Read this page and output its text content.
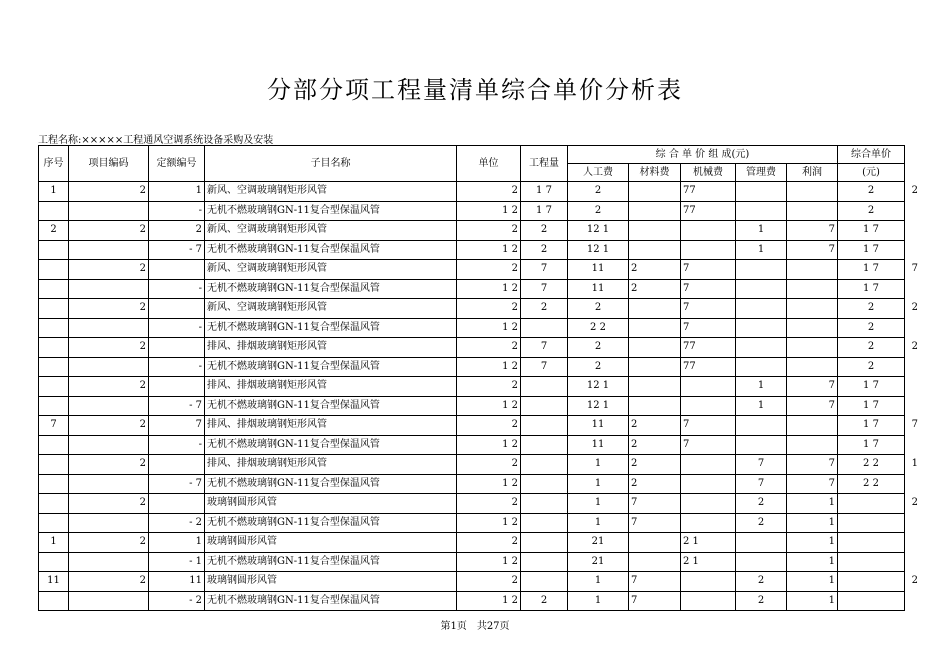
分部分项工程量清单综合单价分析表
工程名称:×××××工程通风空调系统设备采购及安装
序号	项目编码	定额编号	子目名称	单位	工程量	综 合 单 价 组 成(元)					综合单价	
						人工费	材料费	机械费	管理费	利润	(元)	
1	2	1	新风、空调玻璃钢矩形风管	2	1 7	2		77			2	2
		-	无机不燃玻璃钢GN-11复合型保温风管	1 2	1 7	2		77			2	
2	2	2	新风、空调玻璃钢矩形风管	2	2	12 1			1	7	1 7	
		- 7	无机不燃玻璃钢GN-11复合型保温风管	1 2	2	12 1			1	7	1 7	
	2		新风、空调玻璃钢矩形风管	2	7	11	2	7			1 7	7
		-	无机不燃玻璃钢GN-11复合型保温风管	1 2	7	11	2	7			1 7	
	2		新风、空调玻璃钢矩形风管	2	2	2		7			2	2
		-	无机不燃玻璃钢GN-11复合型保温风管	1 2		2 2		7			2	
	2		排风、排烟玻璃钢矩形风管	2	7	2		77			2	2
		-	无机不燃玻璃钢GN-11复合型保温风管	1 2	7	2		77			2	
	2		排风、排烟玻璃钢矩形风管	2		12 1			1	7	1 7	
		- 7	无机不燃玻璃钢GN-11复合型保温风管	1 2		12 1			1	7	1 7	
7	2	7	排风、排烟玻璃钢矩形风管	2		11	2	7			1 7	7
		-	无机不燃玻璃钢GN-11复合型保温风管	1 2		11	2	7			1 7	
	2		排风、排烟玻璃钢矩形风管	2		1	2		7	7	2 2	1
		- 7	无机不燃玻璃钢GN-11复合型保温风管	1 2		1	2		7	7	2 2	
	2		玻璃钢圆形风管	2		1	7		2	1		2
		- 2	无机不燃玻璃钢GN-11复合型保温风管	1 2		1	7		2	1		
1	2	1	玻璃钢圆形风管	2		21		2 1		1		
		- 1	无机不燃玻璃钢GN-11复合型保温风管	1 2		21		2 1		1		
11	2	11	玻璃钢圆形风管	2		1	7		2	1		2
		- 2	无机不燃玻璃钢GN-11复合型保温风管	1 2	2	1	7		2	1		
第1页　共27页
